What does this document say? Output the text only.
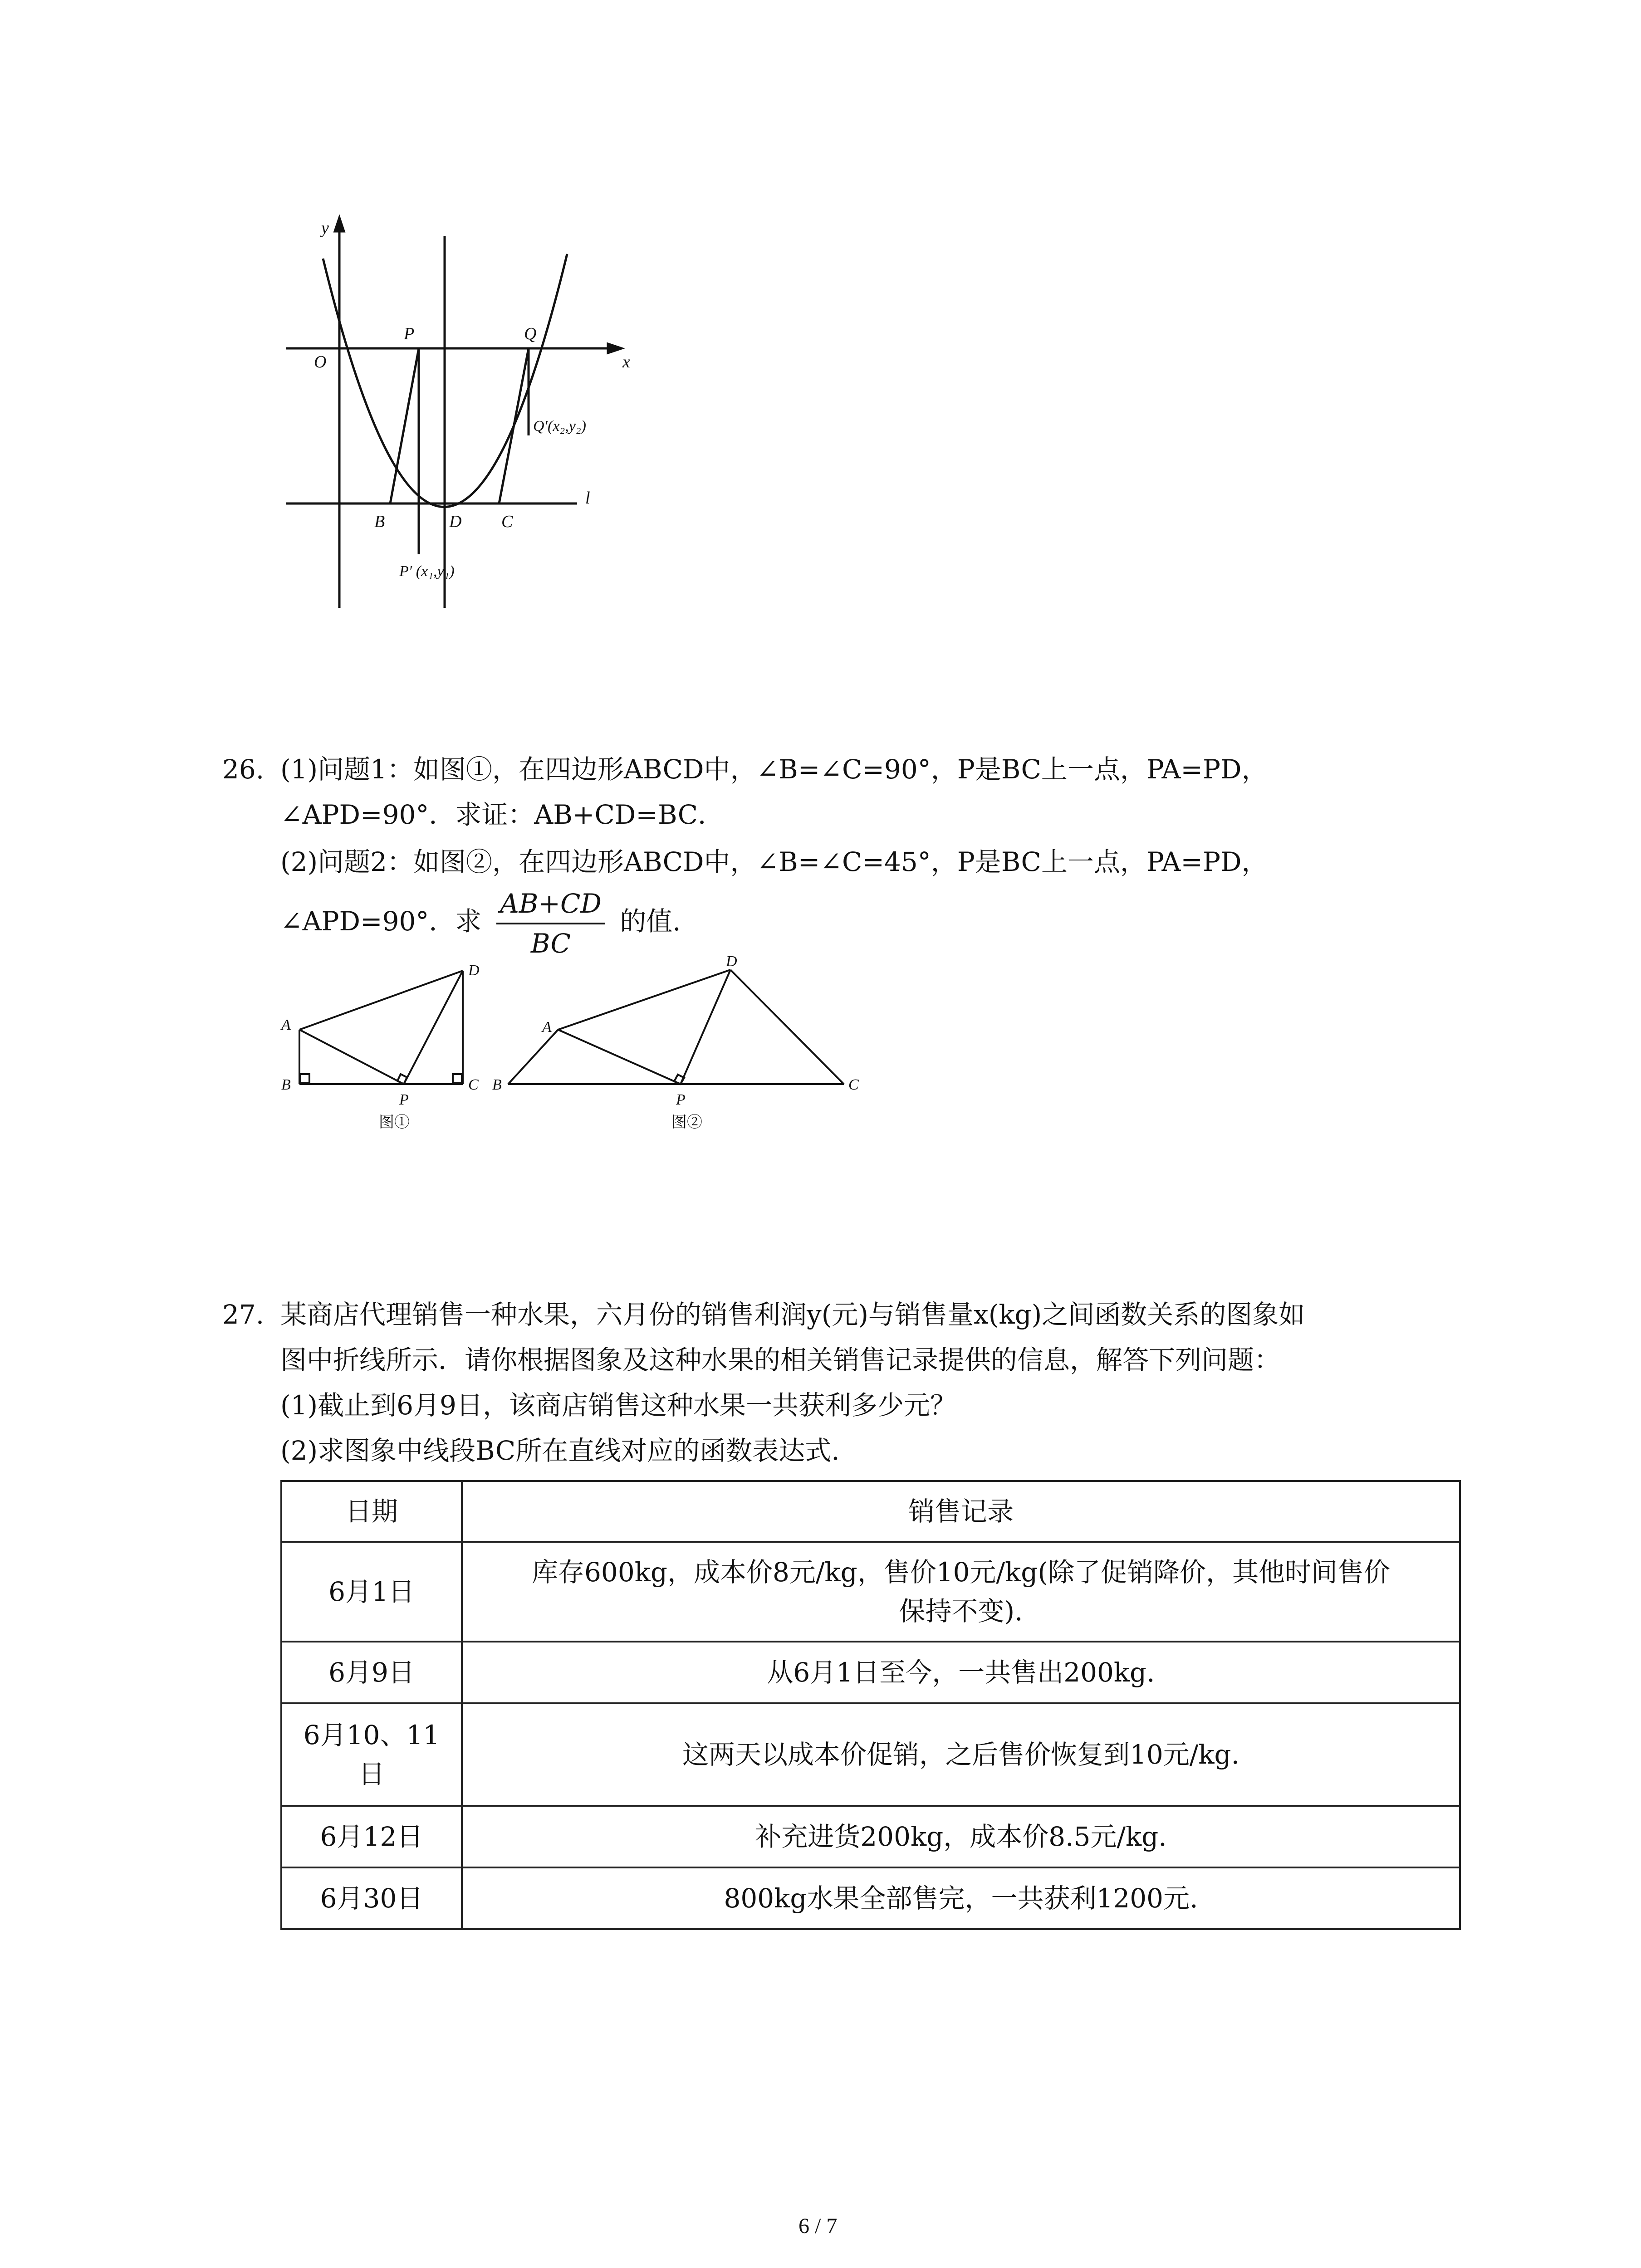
y
x
O
P	Q
Q′(x₂,y₂)
l
B	D C
P′ (x₁,y₁)
26. (1)问题1：如图①，在四边形ABCD中，∠B=∠C=90°，P是BC上一点，PA=PD，
∠APD=90°．求证：AB+CD=BC．
(2)问题2：如图②，在四边形ABCD中，∠B=∠C=45°，P是BC上一点，PA=PD，
∠APD=90°．求 $\frac{AB+CD}{BC}$ 的值.
A
B
P
C
D
图①
A
B
P
C
D
图②
27. 某商店代理销售一种水果，六月份的销售利润y(元)与销售量x(kg)之间函数关系的图象如
图中折线所示．请你根据图象及这种水果的相关销售记录提供的信息，解答下列问题：
(1)截止到6月9日，该商店销售这种水果一共获利多少元？
(2)求图象中线段BC所在直线对应的函数表达式.
日期	销售记录
6月1日	库存600kg，成本价8元/kg，售价10元/kg(除了促销降价，其他时间售价
保持不变).

6月9日	从6月1日至今，一共售出200kg.

6月10、11
日	这两天以成本价促销，之后售价恢复到10元/kg.
6月12日	补充进货200kg，成本价8.5元/kg.
6月30日	800kg水果全部售完，一共获利1200元.
6 / 7
